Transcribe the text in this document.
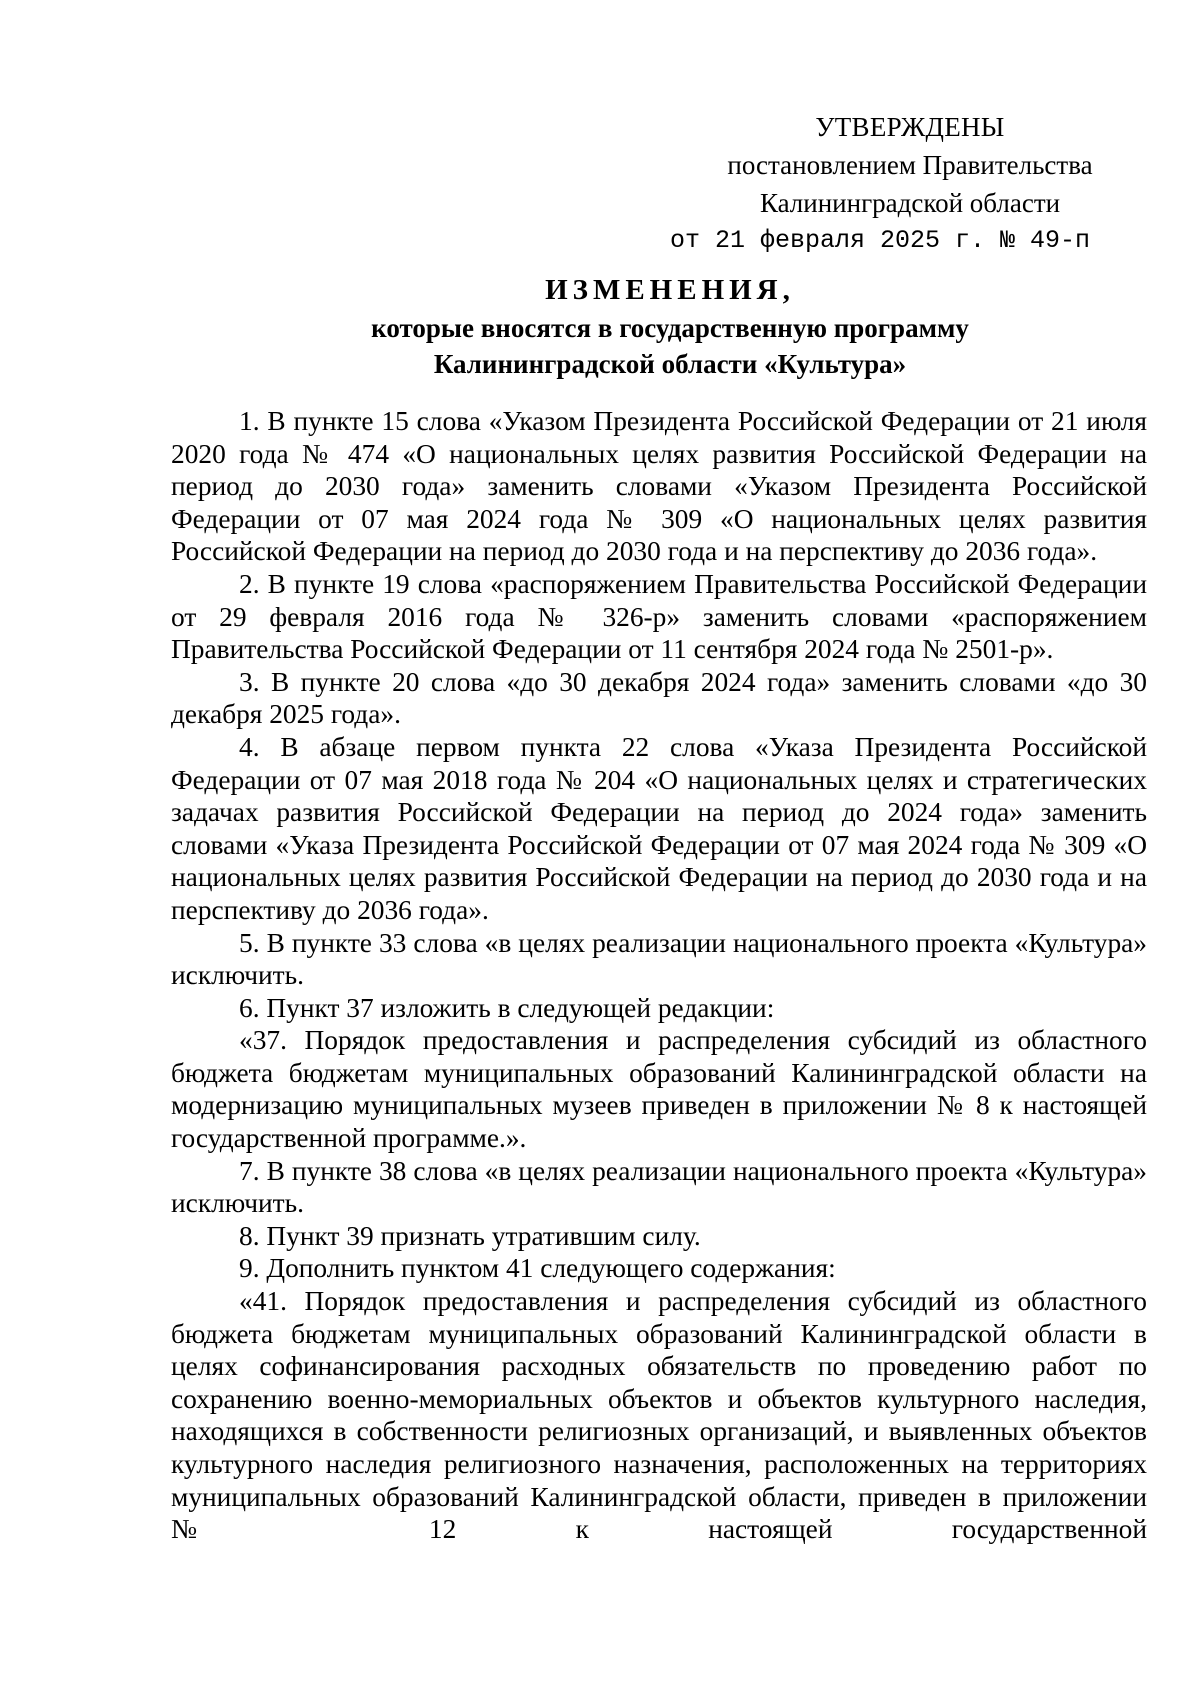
УТВЕРЖДЕНЫ
постановлением Правительства
Калининградской области
от 21 февраля 2025 г. № 49-п
ИЗМЕНЕНИЯ,
которые вносятся в государственную программу
Калининградской области «Культура»

1. В пункте 15 слова «Указом Президента Российской Федерации от 21 июля 2020 года № 474 «О национальных целях развития Российской Федерации на период до 2030 года» заменить словами «Указом Президента Российской Федерации от 07 мая 2024 года № 309 «О национальных целях развития Российской Федерации на период до 2030 года и на перспективу до 2036 года».

2. В пункте 19 слова «распоряжением Правительства Российской Федерации от 29 февраля 2016 года № 326-р» заменить словами «распоряжением Правительства Российской Федерации от 11 сентября 2024 года № 2501-р».

3. В пункте 20 слова «до 30 декабря 2024 года» заменить словами «до 30 декабря 2025 года».

4. В абзаце первом пункта 22 слова «Указа Президента Российской Федерации от 07 мая 2018 года № 204 «О национальных целях и стратегических задачах развития Российской Федерации на период до 2024 года» заменить словами «Указа Президента Российской Федерации от 07 мая 2024 года № 309 «О национальных целях развития Российской Федерации на период до 2030 года и на перспективу до 2036 года».

5. В пункте 33 слова «в целях реализации национального проекта «Культура» исключить.

6. Пункт 37 изложить в следующей редакции:

«37. Порядок предоставления и распределения субсидий из областного бюджета бюджетам муниципальных образований Калининградской области на модернизацию муниципальных музеев приведен в приложении № 8 к настоящей государственной программе.».

7. В пункте 38 слова «в целях реализации национального проекта «Культура» исключить.

8. Пункт 39 признать утратившим силу.

9. Дополнить пунктом 41 следующего содержания:

«41. Порядок предоставления и распределения субсидий из областного бюджета бюджетам муниципальных образований Калининградской области в целях софинансирования расходных обязательств по проведению работ по сохранению военно-мемориальных объектов и объектов культурного наследия, находящихся в собственности религиозных организаций, и выявленных объектов культурного наследия религиозного назначения, расположенных на территориях муниципальных образований Калининградской области, приведен в приложении № 12 к настоящей государственной
